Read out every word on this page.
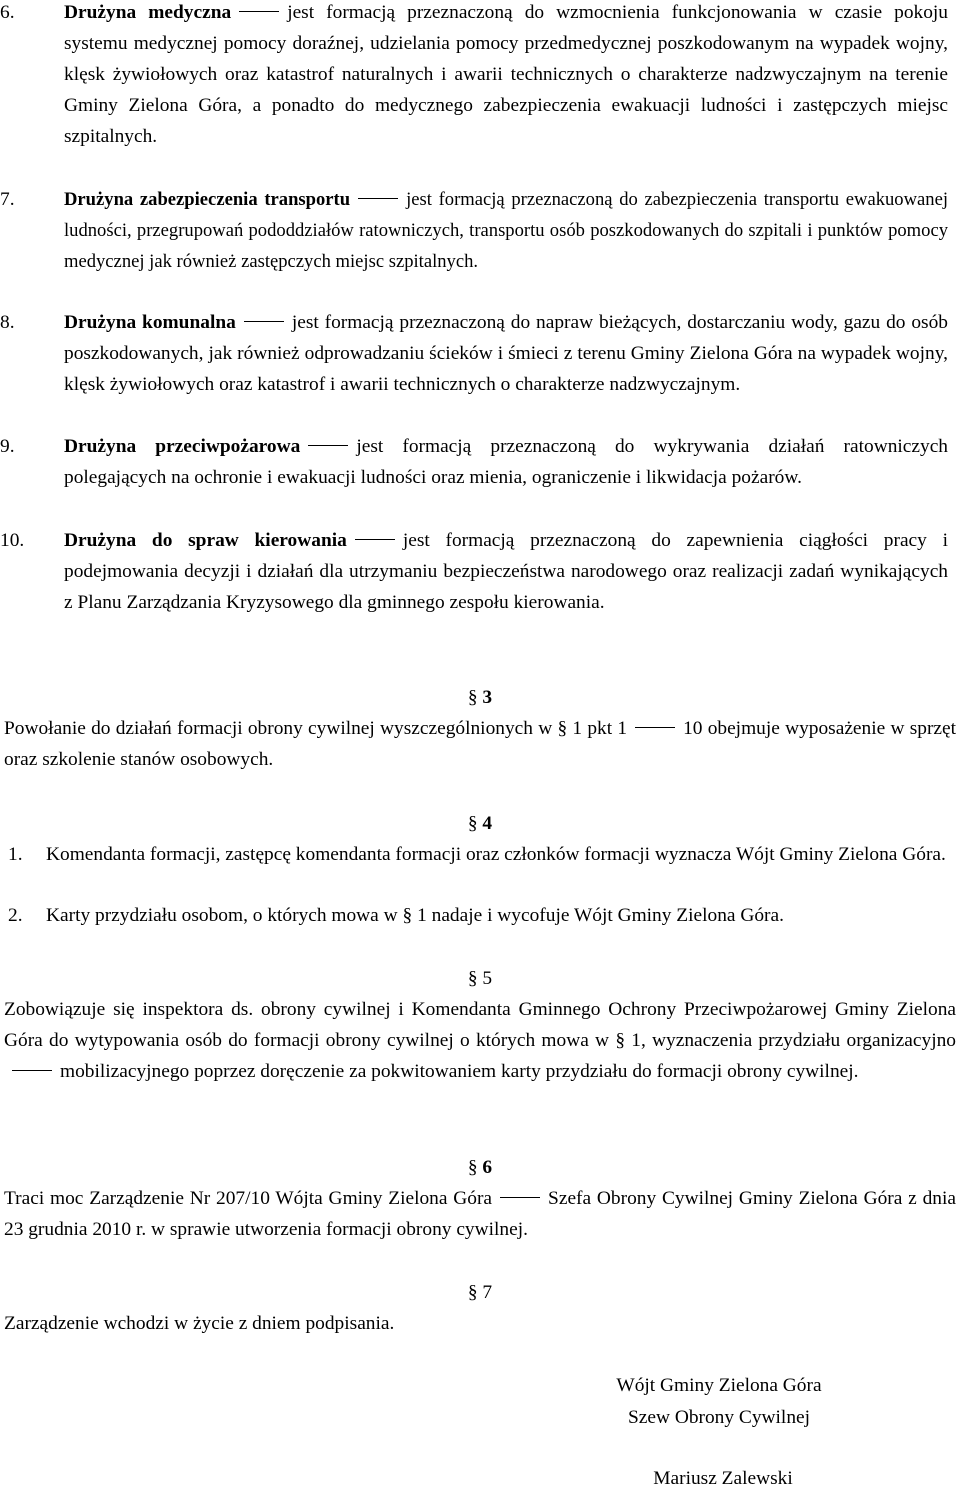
6.	Drużyna medyczna	jest formacją przeznaczoną do wzmocnienia funkcjonowania w czasie pokoju systemu medycznej pomocy doraźnej, udzielania pomocy przedmedycznej poszkodowanym na wypadek wojny, klęsk żywiołowych oraz katastrof naturalnych i awarii technicznych o charakterze nadzwyczajnym na terenie Gminy Zielona Góra, a ponadto do medycznego zabezpieczenia ewakuacji ludności i zastępczych miejsc szpitalnych.
7.	Drużyna zabezpieczenia transportu	jest formacją przeznaczoną do zabezpieczenia transportu ewakuowanej ludności, przegrupowań pododdziałów ratowniczych, transportu osób poszkodowanych do szpitali i punktów pomocy medycznej jak również zastępczych miejsc szpitalnych.
8.	Drużyna komunalna	jest formacją przeznaczoną do napraw bieżących, dostarczaniu wody, gazu do osób poszkodowanych, jak również odprowadzaniu ścieków i śmieci z terenu Gminy Zielona Góra na wypadek wojny, klęsk żywiołowych oraz katastrof i awarii technicznych o charakterze nadzwyczajnym.
9.	Drużyna przeciwpożarowa	jest formacją przeznaczoną do wykrywania działań ratowniczych polegających na ochronie i ewakuacji ludności oraz mienia, ograniczenie i likwidacja pożarów.
10.	Drużyna do spraw kierowania	jest formacją przeznaczoną do zapewnienia ciągłości pracy i podejmowania decyzji i działań dla utrzymaniu bezpieczeństwa narodowego oraz realizacji zadań wynikających z Planu Zarządzania Kryzysowego dla gminnego zespołu kierowania.
§ 3
Powołanie do działań formacji obrony cywilnej wyszczególnionych w § 1 pkt 1	10 obejmuje wyposażenie w sprzęt oraz szkolenie stanów osobowych.
§ 4
1.	Komendanta formacji, zastępcę komendanta formacji oraz członków formacji wyznacza Wójt Gminy Zielona Góra.
2.	Karty przydziału osobom, o których mowa w § 1 nadaje i wycofuje Wójt Gminy Zielona Góra.
§ 5
Zobowiązuje się inspektora ds. obrony cywilnej i Komendanta Gminnego Ochrony Przeciwpożarowej Gminy Zielona Góra do wytypowania osób do formacji obrony cywilnej o których mowa w § 1, wyznaczenia przydziału organizacyjnomobilizacyjnego poprzez doręczenie za pokwitowaniem karty przydziału do formacji obrony cywilnej.
§ 6
Traci moc Zarządzenie Nr 207/10 Wójta Gminy Zielona Góra	Szefa Obrony Cywilnej Gminy Zielona Góra z dnia 23 grudnia 2010 r. w sprawie utworzenia formacji obrony cywilnej.
§ 7
Zarządzenie wchodzi w życie z dniem podpisania.
Wójt Gminy Zielona Góra
Szew Obrony Cywilnej
Mariusz Zalewski
